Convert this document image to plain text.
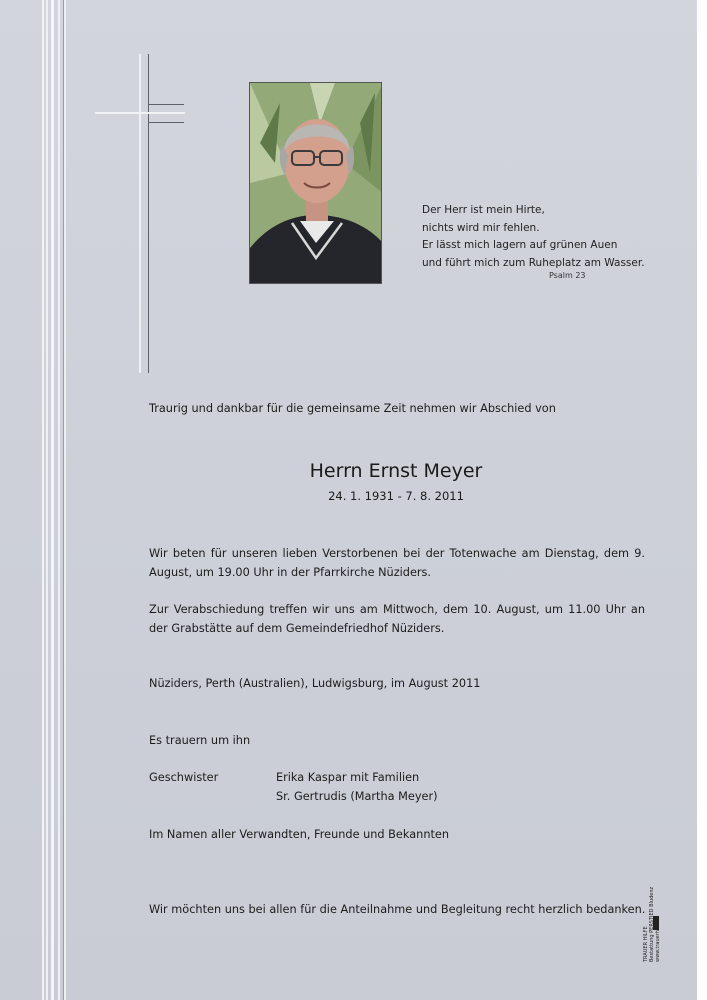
Der Herr ist mein Hirte,
nichts wird mir fehlen.
Er lässt mich lagern auf grünen Auen
und führt mich zum Ruheplatz am Wasser.
Psalm 23
Traurig und dankbar für die gemeinsame Zeit nehmen wir Abschied von
Herrn Ernst Meyer
24. 1. 1931 - 7. 8. 2011
Wir beten für unseren lieben Verstorbenen bei der Totenwache am Dienstag, dem 9. August, um 19.00 Uhr in der Pfarrkirche Nüziders.
Zur Verabschiedung treffen wir uns am Mittwoch, dem 10. August, um 11.00 Uhr an der Grabstätte auf dem Gemeindefriedhof Nüziders.
Nüziders, Perth (Australien), Ludwigsburg, im August 2011
Es trauern um ihn
Geschwister	Erika Kaspar mit Familien
Sr. Gertrudis (Martha Meyer)
Im Namen aller Verwandten, Freunde und Bekannten
Wir möchten uns bei allen für die Anteilnahme und Begleitung recht herzlich bedanken.
TRAUER HILFE Bestattung PERSTIED Bludenz www.trauerhilfe.at
